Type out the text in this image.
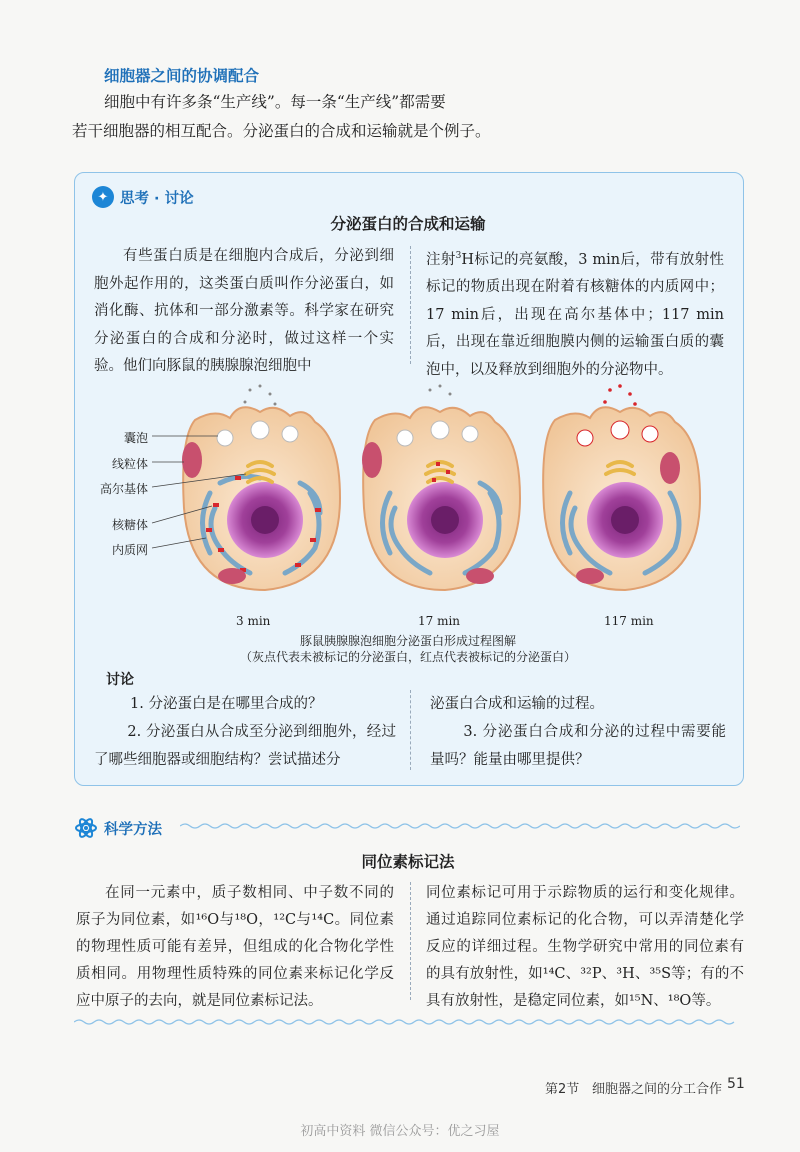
细胞器之间的协调配合
细胞中有许多条“生产线”。每一条“生产线”都需要
若干细胞器的相互配合。分泌蛋白的合成和运输就是个例子。
✦ 思考 · 讨论
分泌蛋白的合成和运输
有些蛋白质是在细胞内合成后，分泌到细胞外起作用的，这类蛋白质叫作分泌蛋白，如消化酶、抗体和一部分激素等。科学家在研究分泌蛋白的合成和分泌时，做过这样一个实验。他们向豚鼠的胰腺腺泡细胞中
注射$^3$H标记的亮氨酸，3 min后，带有放射性标记的物质出现在附着有核糖体的内质网中；17 min后，出现在高尔基体中；117 min后，出现在靠近细胞膜内侧的运输蛋白质的囊泡中，以及释放到细胞外的分泌物中。
囊泡
线粒体
高尔基体
核糖体
内质网
3 min	17 min	117 min
豚鼠胰腺腺泡细胞分泌蛋白形成过程图解
（灰点代表未被标记的分泌蛋白，红点代表被标记的分泌蛋白）
讨论
1. 分泌蛋白是在哪里合成的？
2. 分泌蛋白从合成至分泌到细胞外，经过了哪些细胞器或细胞结构？尝试描述分
泌蛋白合成和运输的过程。
3. 分泌蛋白合成和分泌的过程中需要能量吗？能量由哪里提供？
科学方法
同位素标记法
在同一元素中，质子数相同、中子数不同的原子为同位素，如¹⁶O与¹⁸O，¹²C与¹⁴C。同位素的物理性质可能有差异，但组成的化合物化学性质相同。用物理性质特殊的同位素来标记化学反应中原子的去向，就是同位素标记法。
同位素标记可用于示踪物质的运行和变化规律。通过追踪同位素标记的化合物，可以弄清楚化学反应的详细过程。生物学研究中常用的同位素有的具有放射性，如¹⁴C、³²P、³H、³⁵S等；有的不具有放射性，是稳定同位素，如¹⁵N、¹⁸O等。
第2节 细胞器之间的分工合作 51
初高中资料 微信公众号：优之习屋
